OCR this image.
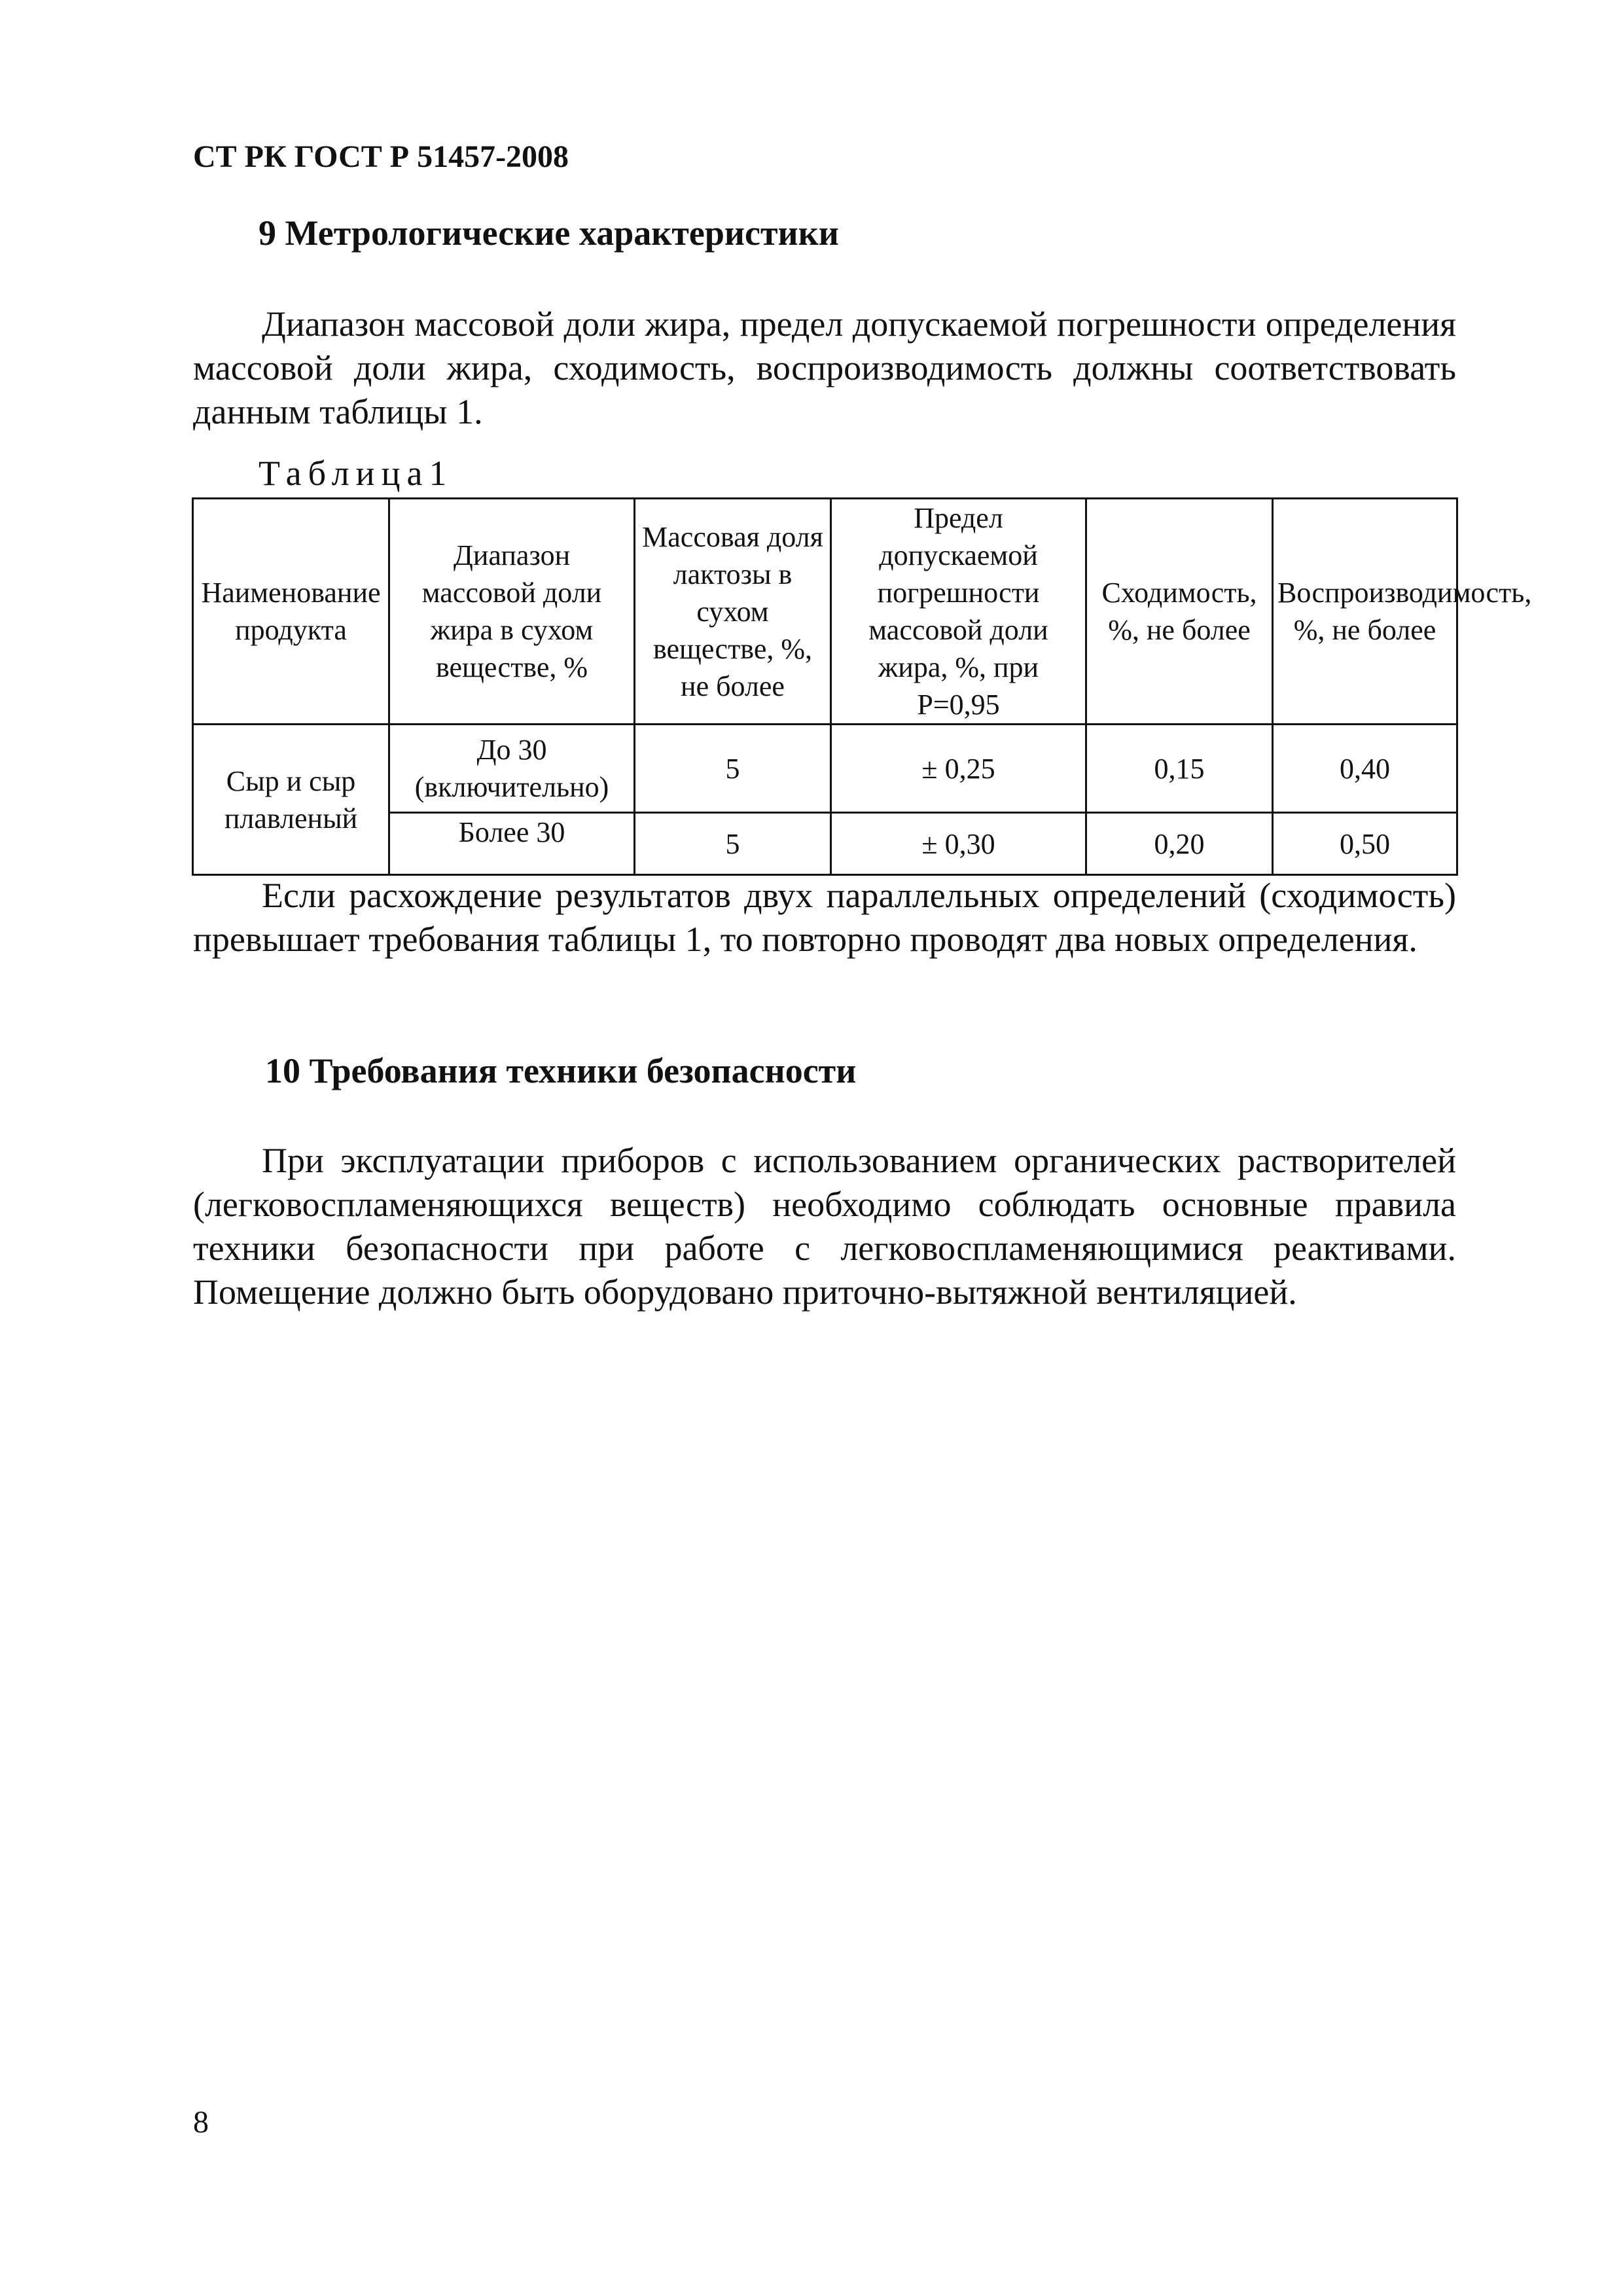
СТ РК ГОСТ Р 51457-2008
9 Метрологические характеристики

Диапазон массовой доли жира, предел допускаемой погрешности определения массовой доли жира, сходимость, воспроизводимость должны соответствовать данным таблицы 1.

Таблица1
Наименование продукта	Диапазон массовой доли жира в сухом веществе, %	Массовая доля лактозы в сухом веществе, %, не более	Предел допускаемой погрешности массовой доли жира, %, при Р=0,95	Сходимость, %, не более	Воспроизводимость, %, не более
Сыр и сыр плавленый	До 30 (включительно)	5	± 0,25	0,15	0,40
	Более 30	5	± 0,30	0,20	0,50

Если расхождение результатов двух параллельных определений (сходимость) превышает требования таблицы 1, то повторно проводят два новых определения.

10 Требования техники безопасности

При эксплуатации приборов с использованием органических растворителей (легковоспламеняющихся веществ) необходимо соблюдать основные правила техники безопасности при работе с легковоспламеняющимися реактивами. Помещение должно быть оборудовано приточно-вытяжной вентиляцией.

8
